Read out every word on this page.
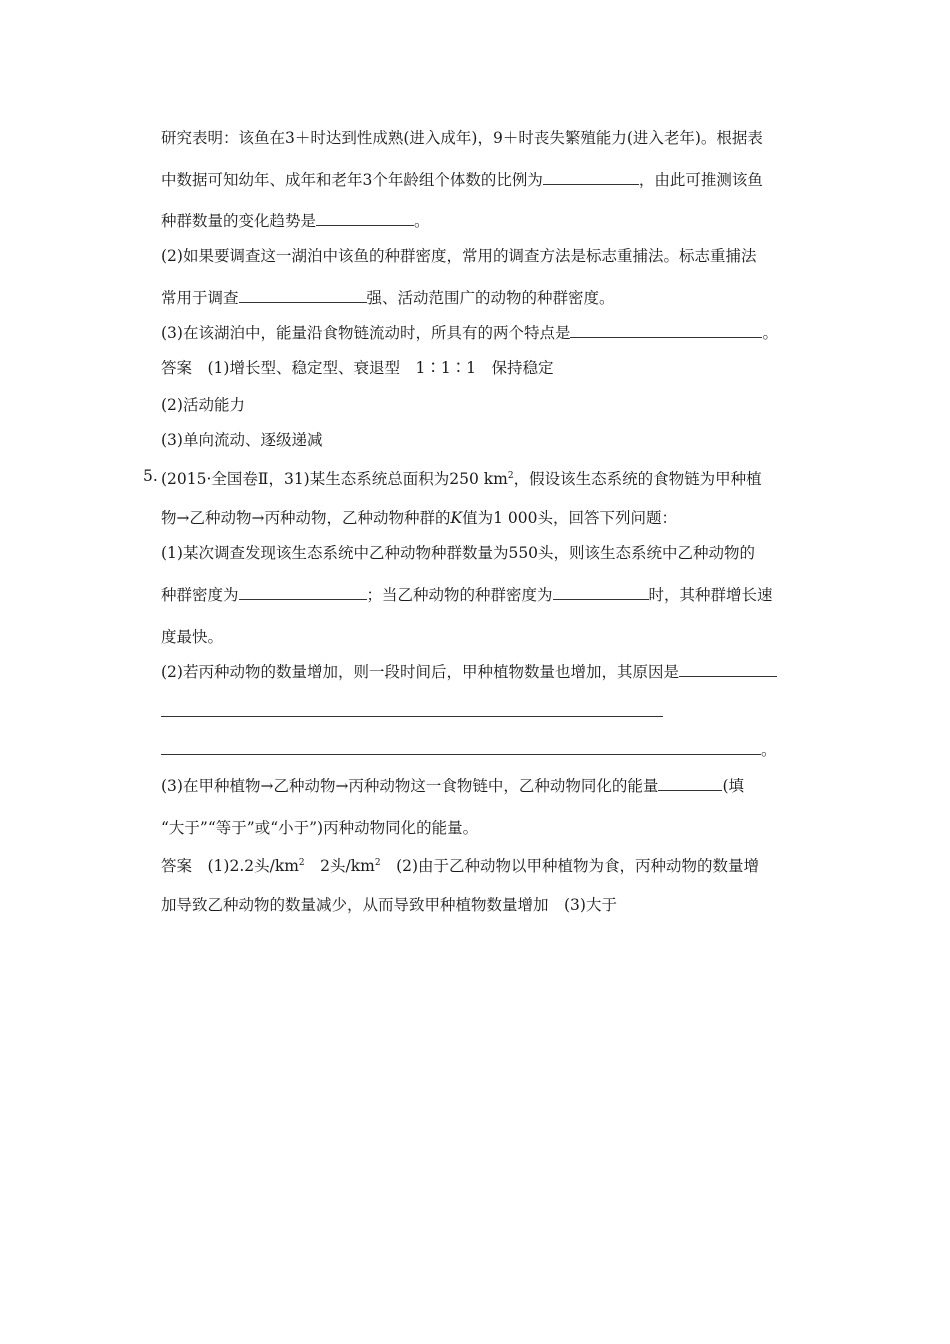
研究表明：该鱼在3＋时达到性成熟(进入成年)，9＋时丧失繁殖能力(进入老年)。根据表
中数据可知幼年、成年和老年3个年龄组个体数的比例为	，由此可推测该鱼
种群数量的变化趋势是	。
(2)如果要调查这一湖泊中该鱼的种群密度，常用的调查方法是标志重捕法。标志重捕法
常用于调查	强、活动范围广的动物的种群密度。
(3)在该湖泊中，能量沿食物链流动时，所具有的两个特点是	。
答案　(1)增长型、稳定型、衰退型　1∶1∶1　保持稳定
(2)活动能力
(3)单向流动、逐级递减
5. (2015·全国卷Ⅱ，31)某生态系统总面积为250 $km^2$，假设该生态系统的食物链为甲种植
物→乙种动物→丙种动物，乙种动物种群的K值为1 000头，回答下列问题：
(1)某次调查发现该生态系统中乙种动物种群数量为550头，则该生态系统中乙种动物的
种群密度为	；当乙种动物的种群密度为	时，其种群增长速
度最快。
(2)若丙种动物的数量增加，则一段时间后，甲种植物数量也增加，其原因是
。
(3)在甲种植物→乙种动物→丙种动物这一食物链中，乙种动物同化的能量	(填
“大于”“等于”或“小于”)丙种动物同化的能量。
答案　(1)2.2头$/km^2$　2头$/km^2$　(2)由于乙种动物以甲种植物为食，丙种动物的数量增
加导致乙种动物的数量减少，从而导致甲种植物数量增加　(3)大于
